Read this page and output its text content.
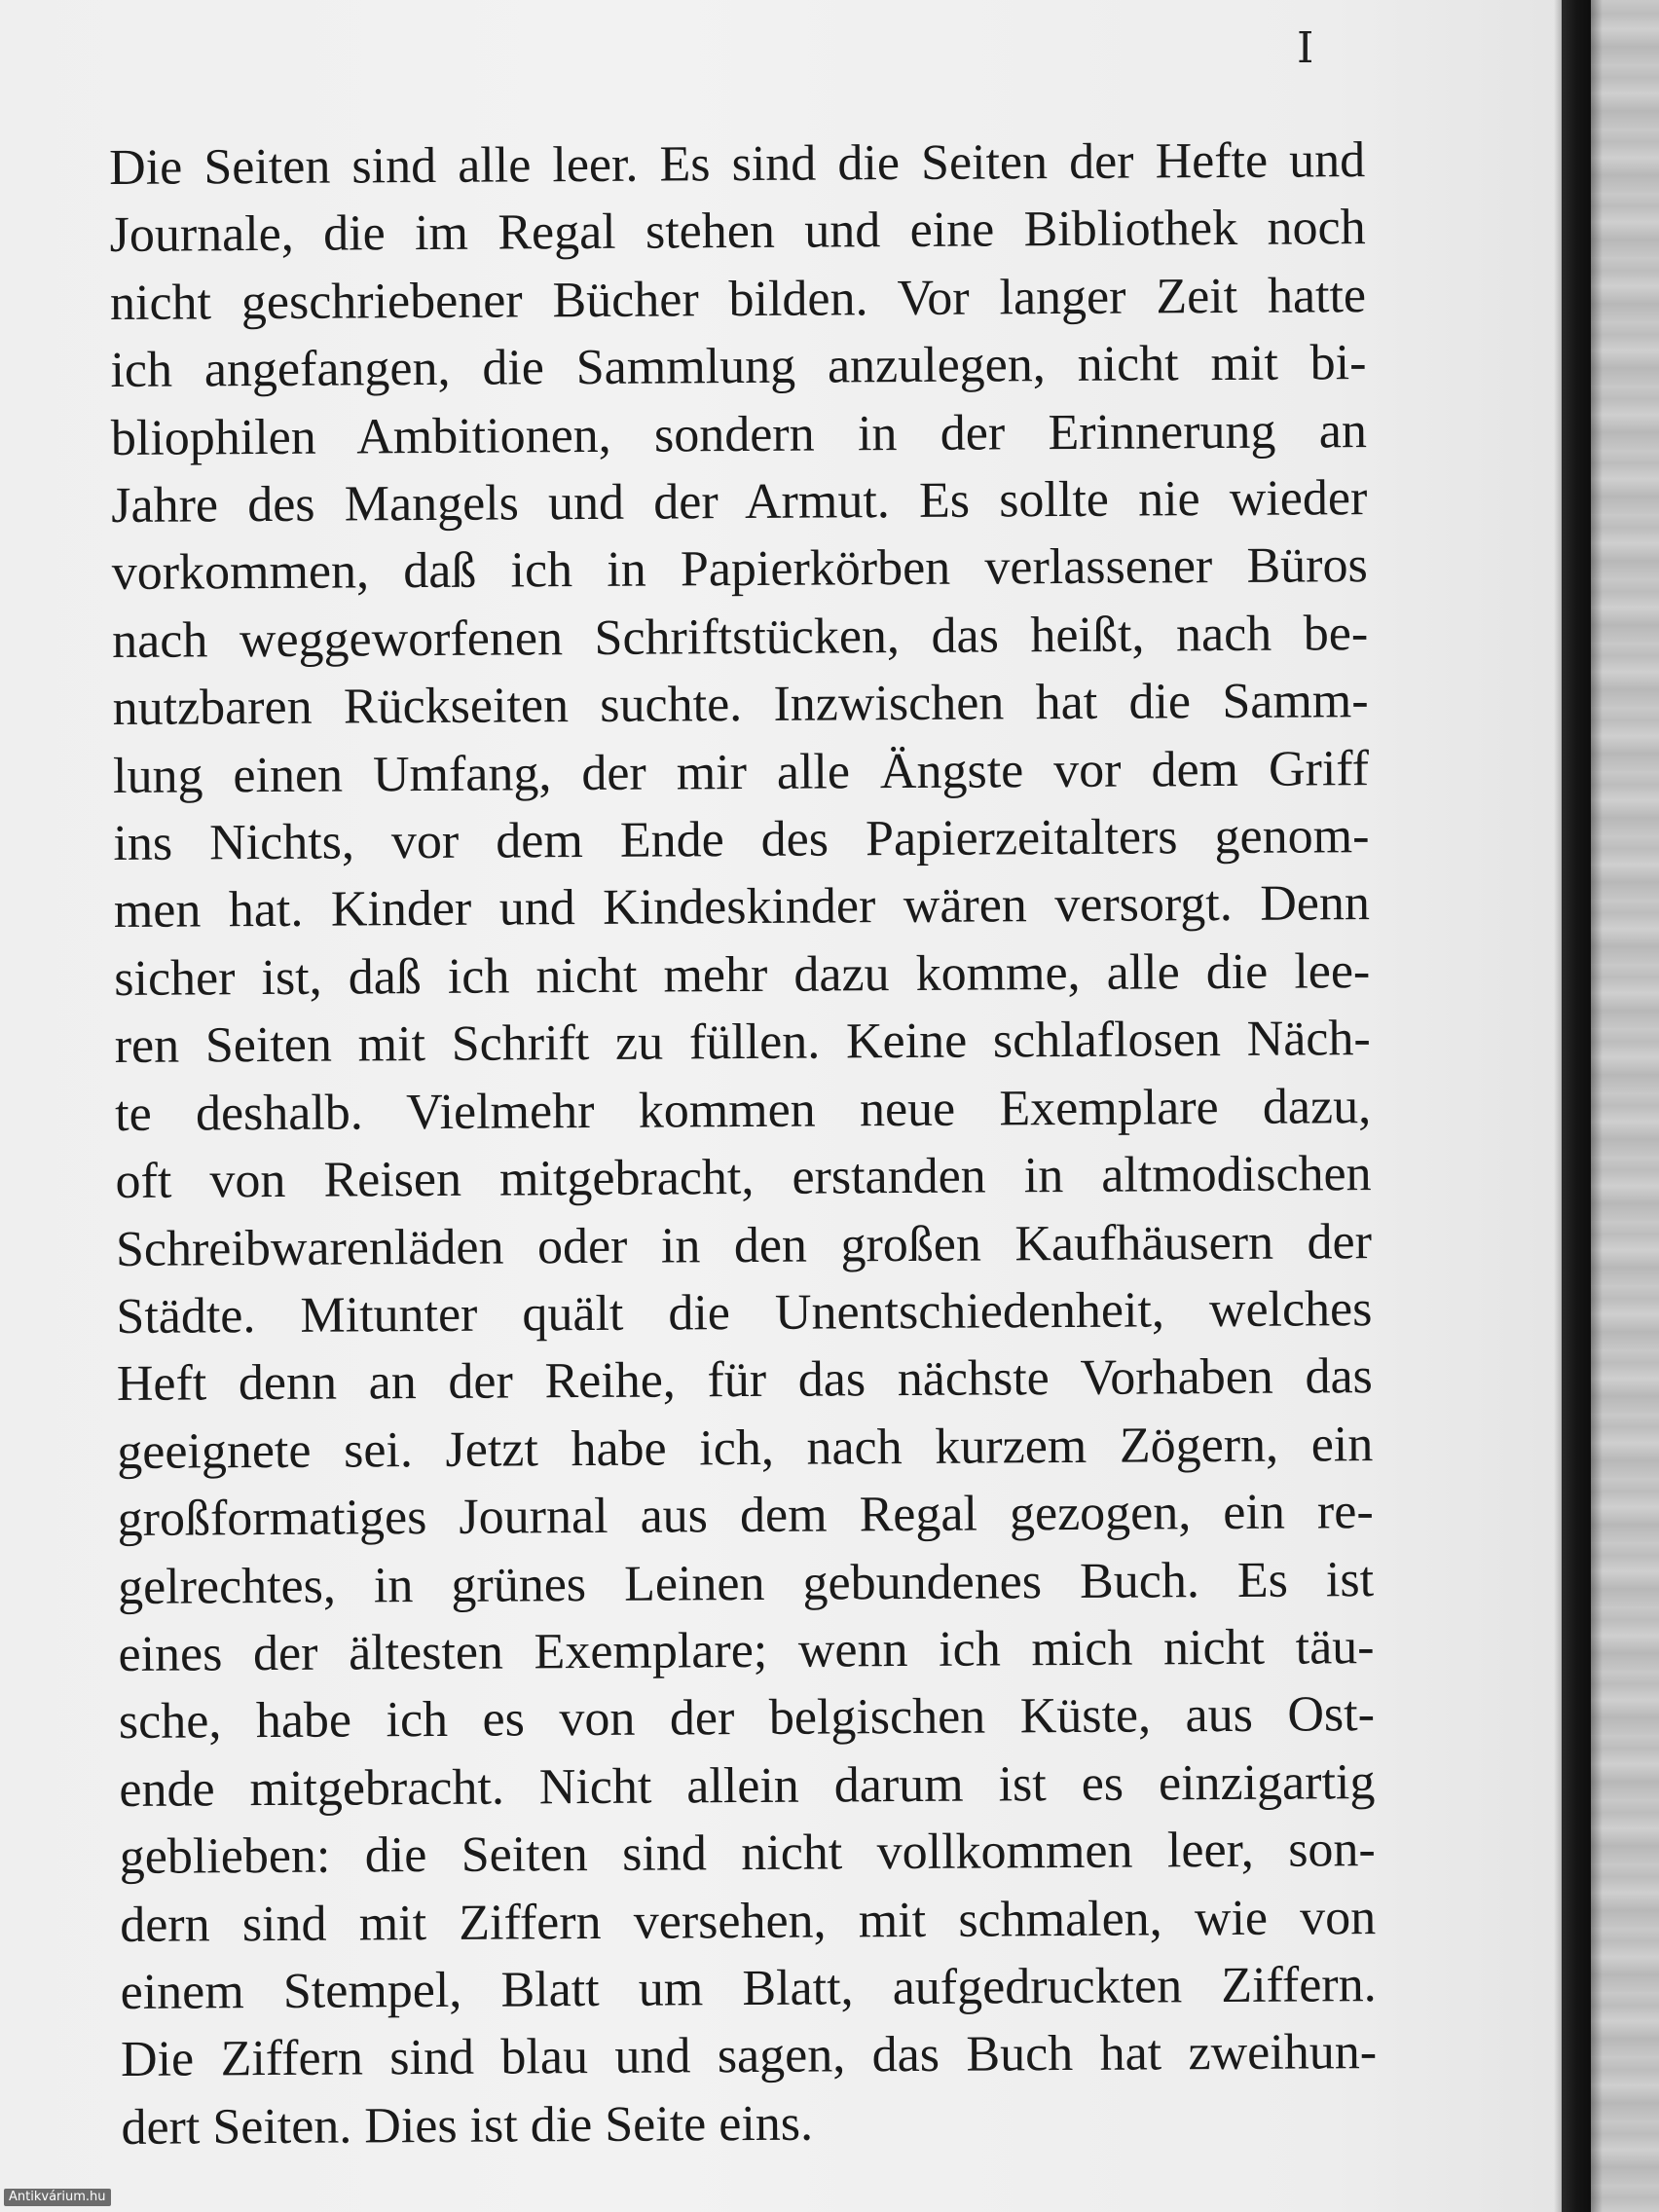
I
Die Seiten sind alle leer. Es sind die Seiten der Hefte und
Journale, die im Regal stehen und eine Bibliothek noch
nicht geschriebener Bücher bilden. Vor langer Zeit hatte
ich angefangen, die Sammlung anzulegen, nicht mit bi-
bliophilen Ambitionen, sondern in der Erinnerung an
Jahre des Mangels und der Armut. Es sollte nie wieder
vorkommen, daß ich in Papierkörben verlassener Büros
nach weggeworfenen Schriftstücken, das heißt, nach be-
nutzbaren Rückseiten suchte. Inzwischen hat die Samm-
lung einen Umfang, der mir alle Ängste vor dem Griff
ins Nichts, vor dem Ende des Papierzeitalters genom-
men hat. Kinder und Kindeskinder wären versorgt. Denn
sicher ist, daß ich nicht mehr dazu komme, alle die lee-
ren Seiten mit Schrift zu füllen. Keine schlaflosen Näch-
te deshalb. Vielmehr kommen neue Exemplare dazu,
oft von Reisen mitgebracht, erstanden in altmodischen
Schreibwarenläden oder in den großen Kaufhäusern der
Städte. Mitunter quält die Unentschiedenheit, welches
Heft denn an der Reihe, für das nächste Vorhaben das
geeignete sei. Jetzt habe ich, nach kurzem Zögern, ein
großformatiges Journal aus dem Regal gezogen, ein re-
gelrechtes, in grünes Leinen gebundenes Buch. Es ist
eines der ältesten Exemplare; wenn ich mich nicht täu-
sche, habe ich es von der belgischen Küste, aus Ost-
ende mitgebracht. Nicht allein darum ist es einzigartig
geblieben: die Seiten sind nicht vollkommen leer, son-
dern sind mit Ziffern versehen, mit schmalen, wie von
einem Stempel, Blatt um Blatt, aufgedruckten Ziffern.
Die Ziffern sind blau und sagen, das Buch hat zweihun-
dert Seiten. Dies ist die Seite eins.
Antikvárium.hu
